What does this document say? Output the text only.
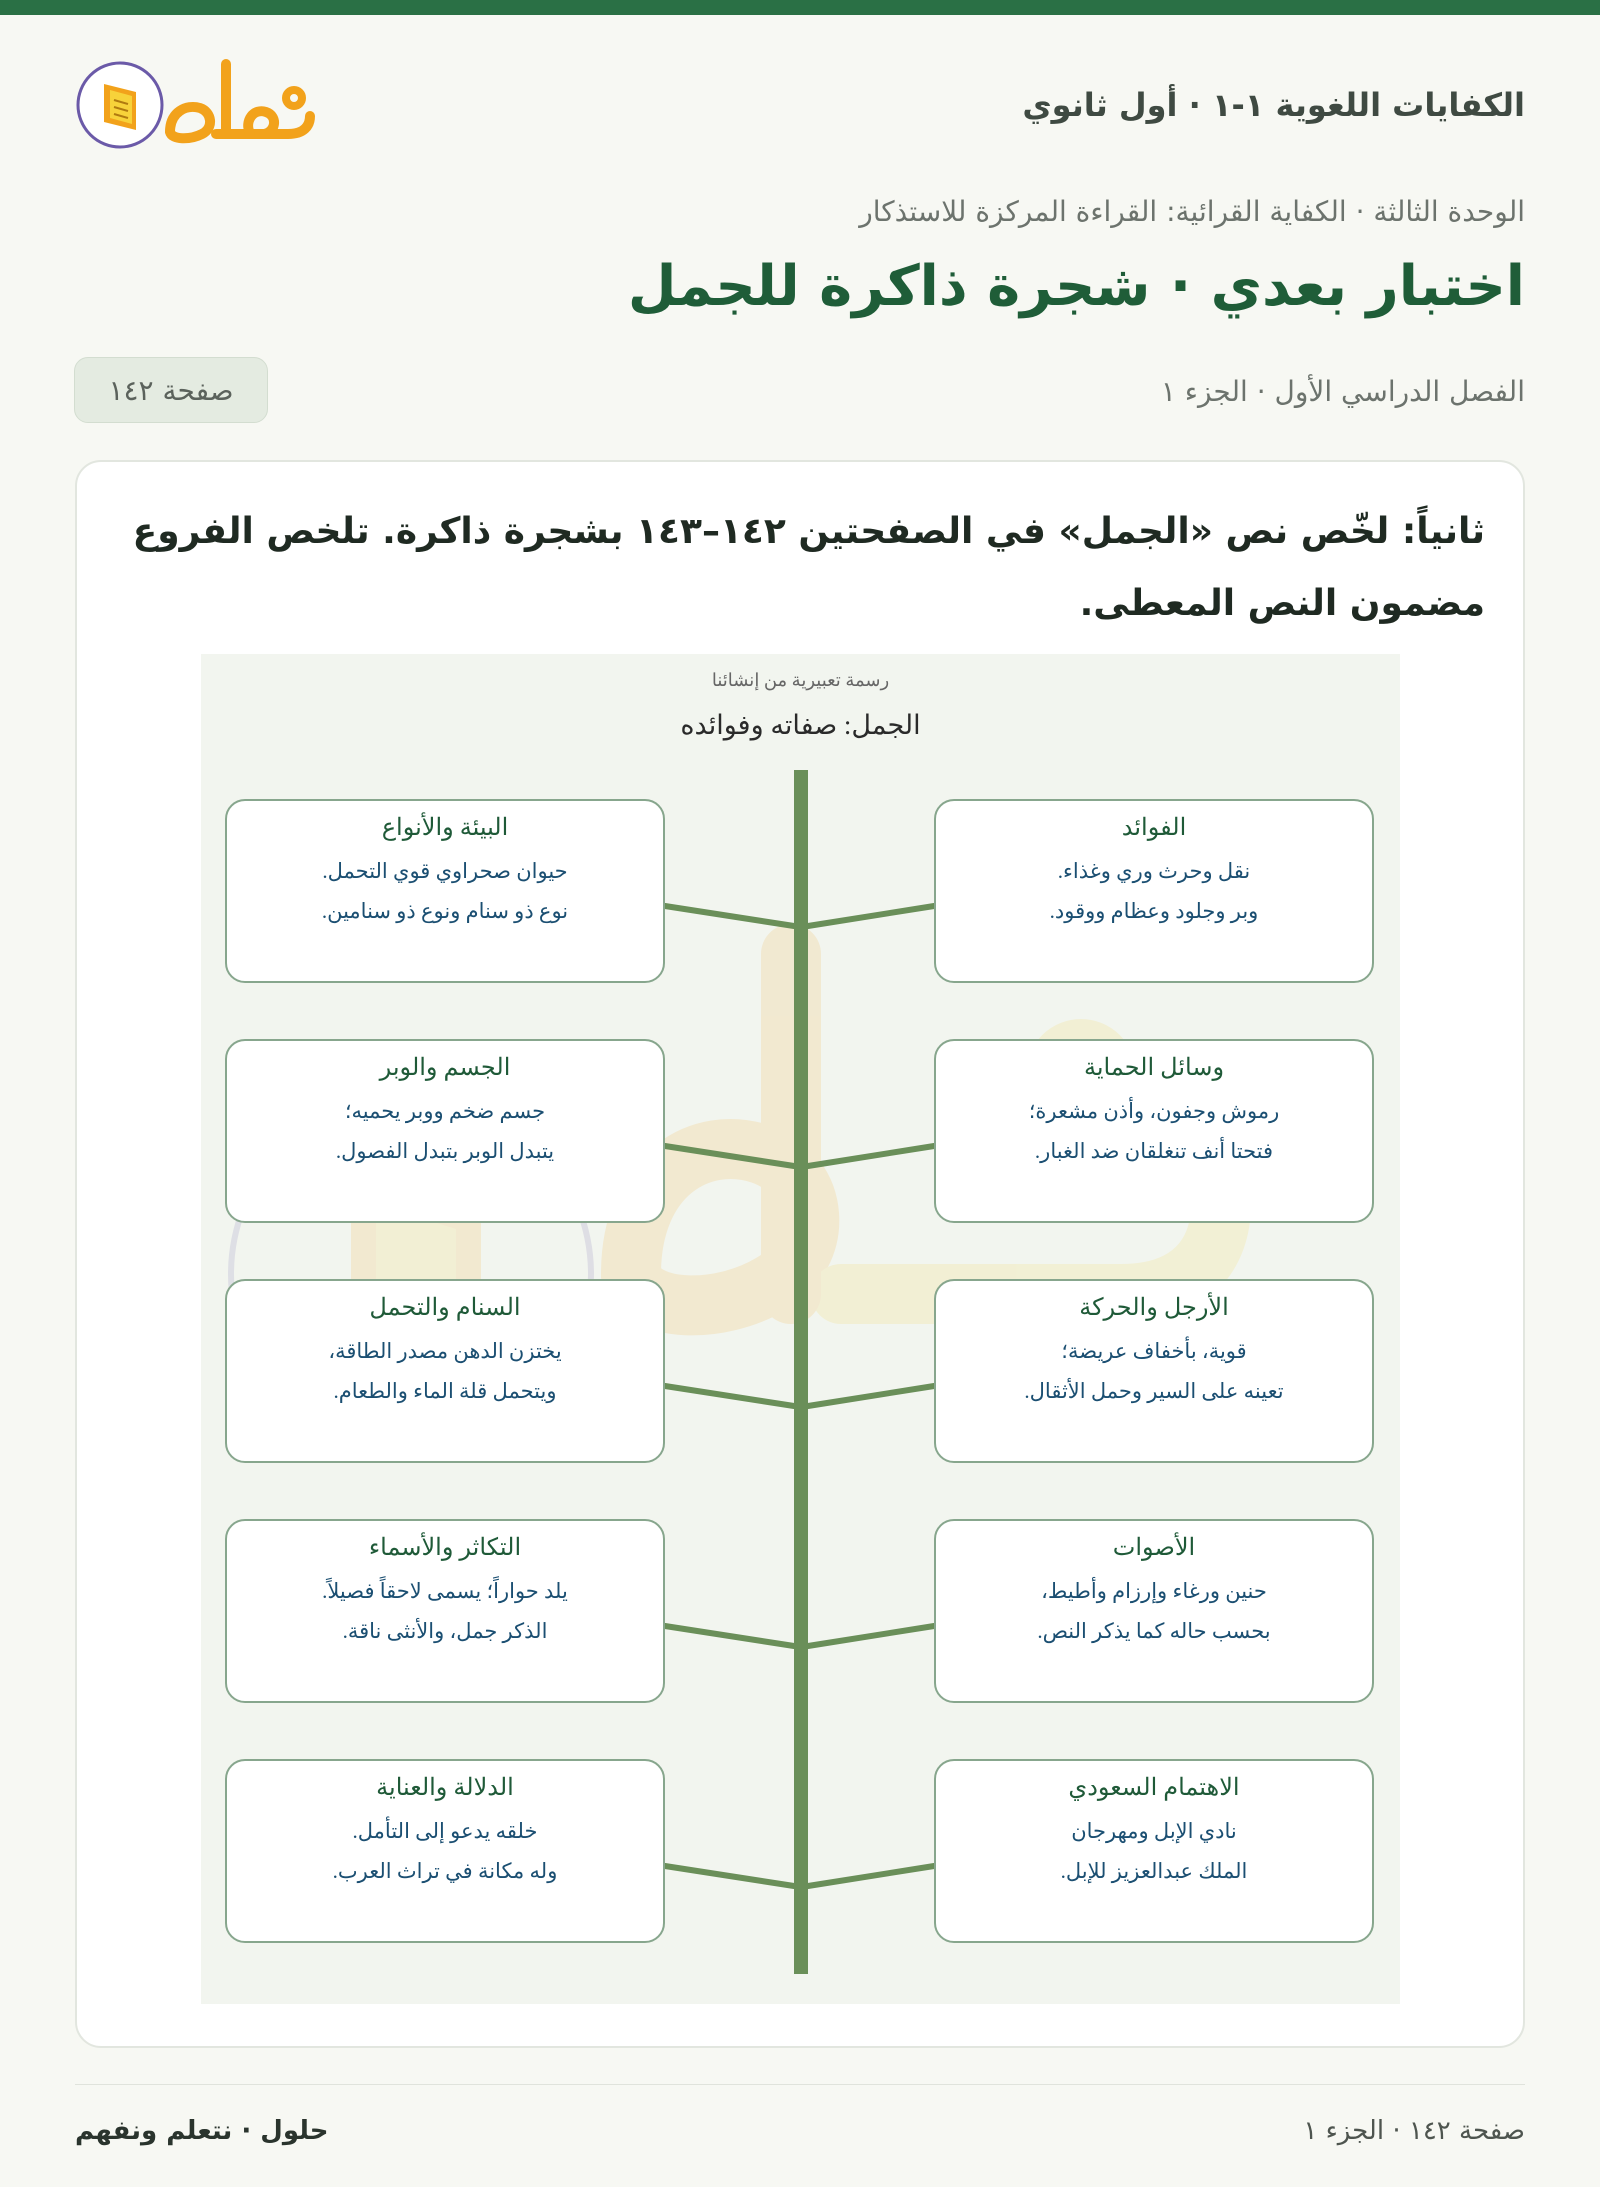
الكفايات اللغوية ١-١ · أول ثانوي
الوحدة الثالثة · الكفاية القرائية: القراءة المركزة للاستذكار
اختبار بعدي · شجرة ذاكرة للجمل
الفصل الدراسي الأول · الجزء ١
صفحة ١٤٢

ثانياً: لخّص نص «الجمل» في الصفحتين ١٤٢–١٤٣ بشجرة ذاكرة. تلخص الفروع مضمون النص المعطى.

رسمة تعبيرية من إنشائنا
الجمل: صفاته وفوائده
الفوائد
نقل وحرث وري وغذاء.
وبر وجلود وعظام ووقود.
وسائل الحماية
رموش وجفون، وأذن مشعرة؛
فتحتا أنف تنغلقان ضد الغبار.
الأرجل والحركة
قوية، بأخفاف عريضة؛
تعينه على السير وحمل الأثقال.
الأصوات
حنين ورغاء وإرزام وأطيط،
بحسب حاله كما يذكر النص.
الاهتمام السعودي
نادي الإبل ومهرجان
الملك عبدالعزيز للإبل.
البيئة والأنواع
حيوان صحراوي قوي التحمل.
نوع ذو سنام ونوع ذو سنامين.
الجسم والوبر
جسم ضخم ووبر يحميه؛
يتبدل الوبر بتبدل الفصول.
السنام والتحمل
يختزن الدهن مصدر الطاقة،
ويتحمل قلة الماء والطعام.
التكاثر والأسماء
يلد حواراً؛ يسمى لاحقاً فصيلاً.
الذكر جمل، والأنثى ناقة.
الدلالة والعناية
خلقه يدعو إلى التأمل.
وله مكانة في تراث العرب.
صفحة ١٤٢ · الجزء ١
حلول · نتعلم ونفهم
